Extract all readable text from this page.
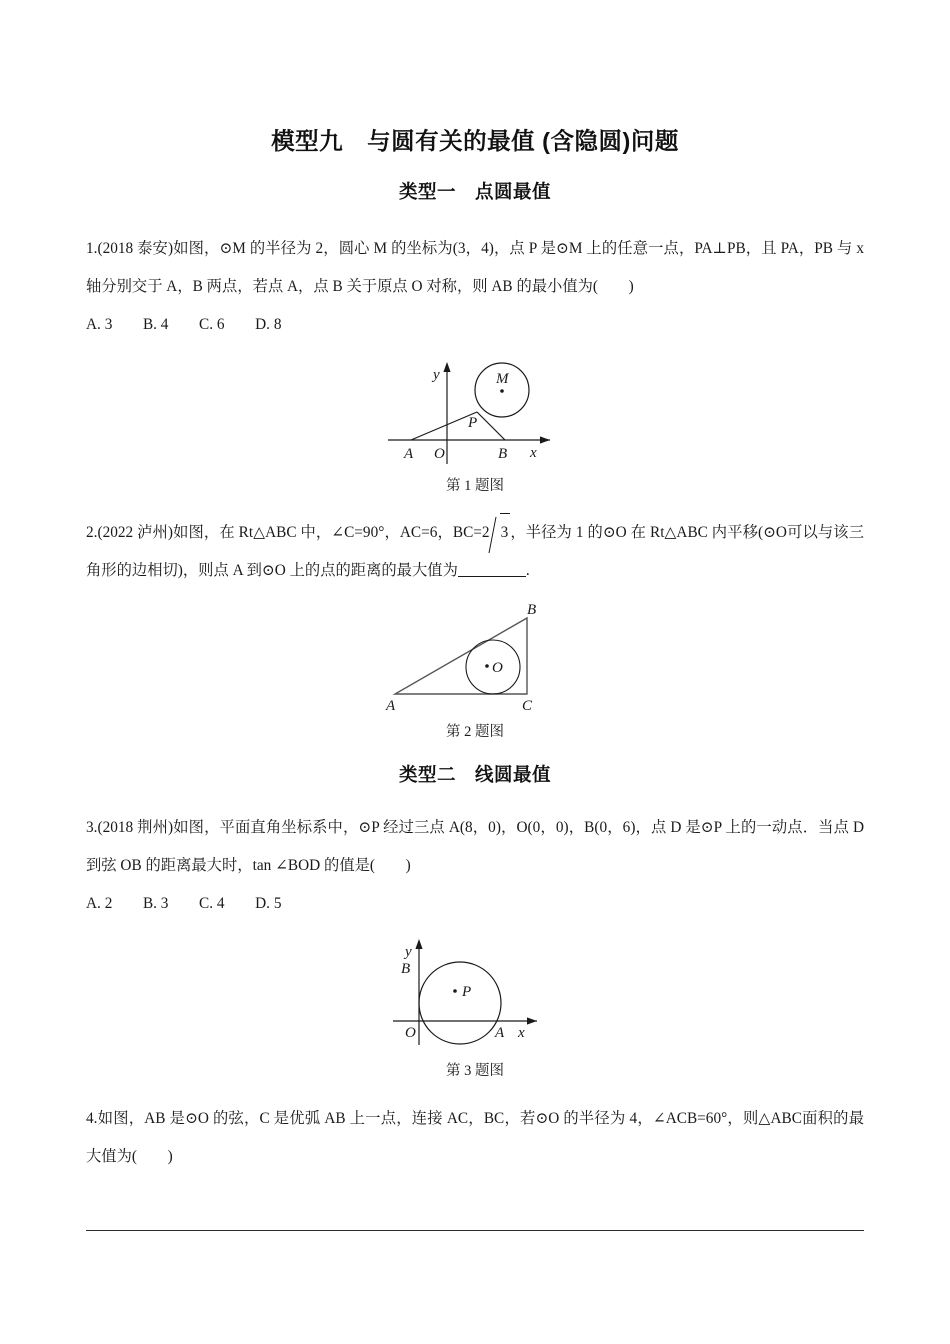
模型九　与圆有关的最值 (含隐圆)问题
类型一　点圆最值

1.(2018 泰安)如图，⊙M 的半径为 2，圆心 M 的坐标为(3，4)，点 P 是⊙M 上的任意一点，PA⊥PB，且 PA，PB 与 x 轴分别交于 A，B 两点，若点 A，点 B 关于原点 O 对称，则 AB 的最小值为(　　)

A. 3　　B. 4　　C. 6　　D. 8

A O	B
P
M
x
y

第 1 题图

2.(2022 泸州)如图，在 Rt△ABC 中，∠C=90°，AC=6，BC=2 3 ，半径为 1 的⊙O 在 Rt△ABC 内平移(⊙O可以与该三角形的边相切)，则点 A 到⊙O 上的点的距离的最大值为	.

A
B
C
O

第 2 题图

类型二　线圆最值

3.(2018 荆州)如图，平面直角坐标系中，⊙P 经过三点 A(8，0)，O(0，0)，B(0，6)，点 D 是⊙P 上的一动点．当点 D 到弦 OB 的距离最大时，tan ∠BOD 的值是(　　)

A. 2　　B. 3　　C. 4　　D. 5

O	A
B
P
x
y

第 3 题图

4.如图，AB 是⊙O 的弦，C 是优弧 AB 上一点，连接 AC，BC，若⊙O 的半径为 4，∠ACB=60°，则△ABC面积的最大值为(　　)
